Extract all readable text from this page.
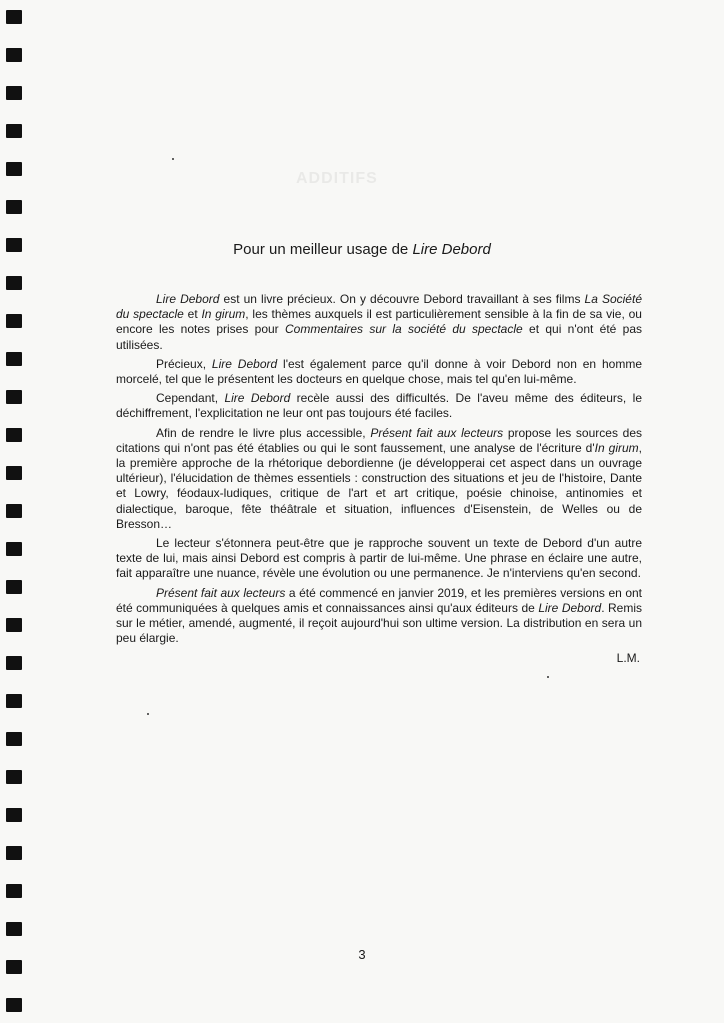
ADDITIFS
Pour un meilleur usage de Lire Debord

Lire Debord est un livre précieux. On y découvre Debord travaillant à ses films La Société du spectacle et In girum, les thèmes auxquels il est particulièrement sensible à la fin de sa vie, ou encore les notes prises pour Commentaires sur la société du spectacle et qui n'ont été pas utilisées.

Précieux, Lire Debord l'est également parce qu'il donne à voir Debord non en homme morcelé, tel que le présentent les docteurs en quelque chose, mais tel qu'en lui-même.

Cependant, Lire Debord recèle aussi des difficultés. De l'aveu même des éditeurs, le déchiffrement, l'explicitation ne leur ont pas toujours été faciles.

Afin de rendre le livre plus accessible, Présent fait aux lecteurs propose les sources des citations qui n'ont pas été établies ou qui le sont faussement, une analyse de l'écriture d'In girum, la première approche de la rhétorique debordienne (je développerai cet aspect dans un ouvrage ultérieur), l'élucidation de thèmes essentiels : construction des situations et jeu de l'histoire, Dante et Lowry, féodaux-ludiques, critique de l'art et art critique, poésie chinoise, antinomies et dialectique, baroque, fête théâtrale et situation, influences d'Eisenstein, de Welles ou de Bresson…

Le lecteur s'étonnera peut-être que je rapproche souvent un texte de Debord d'un autre texte de lui, mais ainsi Debord est compris à partir de lui-même. Une phrase en éclaire une autre, fait apparaître une nuance, révèle une évolution ou une permanence. Je n'interviens qu'en second.

Présent fait aux lecteurs a été commencé en janvier 2019, et les premières versions en ont été communiquées à quelques amis et connaissances ainsi qu'aux éditeurs de Lire Debord. Remis sur le métier, amendé, augmenté, il reçoit aujourd'hui son ultime version. La distribution en sera un peu élargie.

L.M.
3
